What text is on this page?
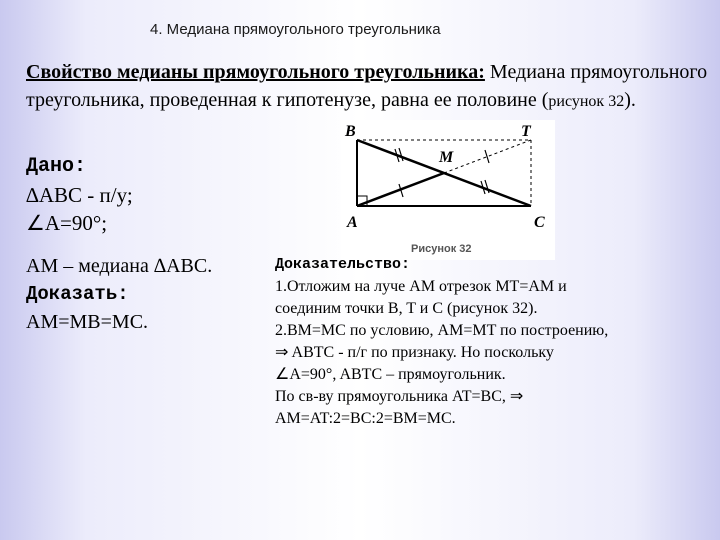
4. Медиана прямоугольного треугольника
Свойство медианы прямоугольного треугольника: Медиана прямоугольного треугольника, проведенная к гипотенузе, равна ее половине (рисунок 32).
Дано:
∆ABC - п/у;
∠A=90°;
AM – медиана ∆ABC.
Доказать:
AM=MB=MC.
B	T
M
A	C
Рисунок 32
Доказательство:
1.Отложим на луче AM отрезок MT=AM и
соединим точки B, T и C (рисунок 32).
2.BM=MC по условию, AM=MT по построению,
⇒ ABTC - п/г по признаку. Но поскольку
∠A=90°, ABTC – прямоугольник.
По св-ву прямоугольника AT=BC, ⇒
AM=AT:2=BC:2=BM=MC.
